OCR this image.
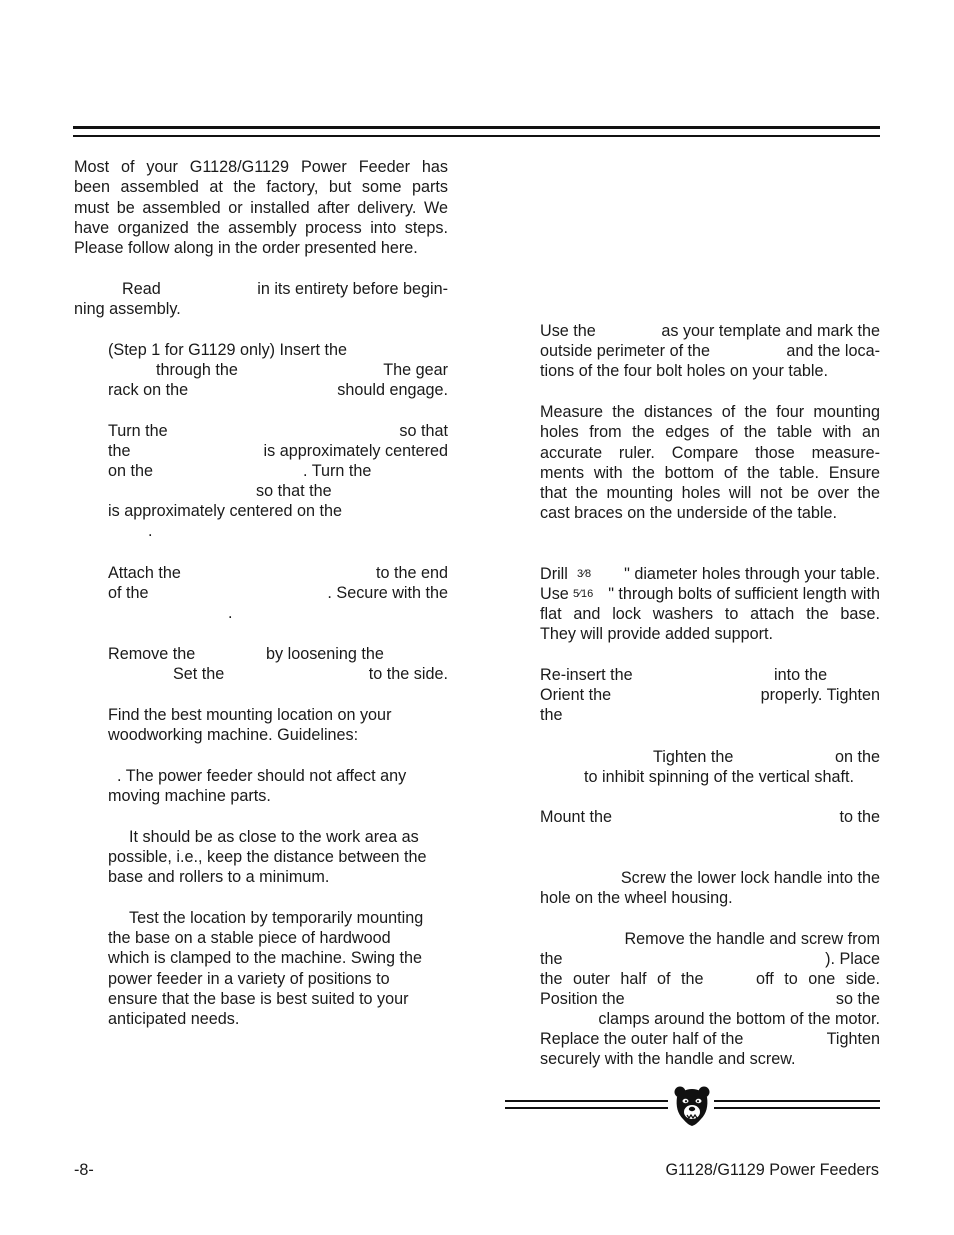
Most of your G1128/G1129 Power Feeder has
been assembled at the factory, but some parts
must be assembled or installed after delivery. We
have organized the assembly process into steps.
Please follow along in the order presented here.
Read	in its entirety before begin-
ning assembly.
(Step 1 for G1129 only) Insert the
through the	The gear
rack on the	should engage.
Turn the	so that
the	is approximately centered
on the	. Turn the
so that the
is approximately centered on the
.
Attach the	to the end
of the	. Secure with the
.
Remove the	by loosening the
Set the	to the side.
Find the best mounting location on your
woodworking machine. Guidelines:
. The power feeder should not affect any
moving machine parts.
It should be as close to the work area as
possible, i.e., keep the distance between the
base and rollers to a minimum.
Test the location by temporarily mounting
the base on a stable piece of hardwood
which is clamped to the machine. Swing the
power feeder in a variety of positions to
ensure that the base is best suited to your
anticipated needs.
Use the	as your template and mark the
outside perimeter of the	and the loca-
tions of the four bolt holes on your table.
Measure the distances of the four mounting
holes from the edges of the table with an
accurate ruler. Compare those measure-
ments with the bottom of the table. Ensure
that the mounting holes will not be over the
cast braces on the underside of the table.
Drill $^{3⁄8}$ " diameter holes through your table.
Use $^{5⁄16}$ " through bolts of sufficient length with
flat and lock washers to attach the base.
They will provide added support.
Re-insert the	into the
Orient the	properly. Tighten
the
Tighten the	on the
to inhibit spinning of the vertical shaft.
Mount the	to the
Screw the lower lock handle into the
hole on the wheel housing.
Remove the handle and screw from
the	). Place

the  outer  half  of  the          off  to  one  side.

Position the	so the
clamps around the bottom of the motor.
Replace the outer half of the	Tighten
securely with the handle and screw.
-8-	G1128/G1129 Power Feeders
